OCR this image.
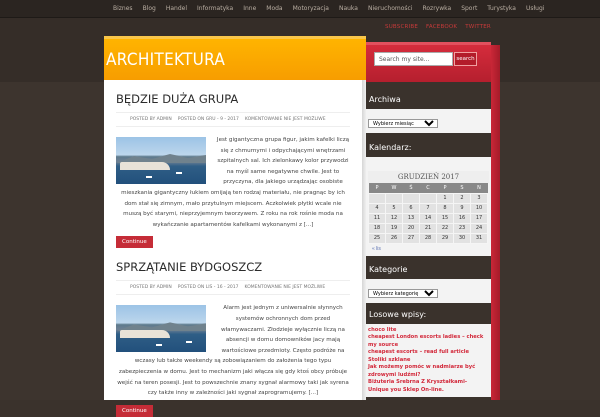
Biznes	Blog	Handel	Informatyka	Inne	Moda	Motoryzacja	Nauka	Nieruchomości	Rozrywka	Sport	Turystyka	Usługi
SUBSCRIBE FACEBOOK TWITTER
ARCHITEKTURA	Search my site...	search
BĘDZIE DUŻA GRUPA
POSTED BY ADMIN POSTED ON GRU - 9 - 2017 KOMENTOWANIE NIE JEST MOŻLIWE

Jest gigantyczna grupa figur, jakim kafelki liczą się z chmurnymi i odpychającymi wnętrzami szpitalnych sal. Ich zielonkawy kolor przywodzi na myśl same negatywne chwile. Jest to przyczyna, dla jakiego urządzając osobiste mieszkania gigantyczny łukiem omijają ten rodzaj materiału, nie pragnąc by ich dom stał się zimnym, mało przytulnym miejscem. Aczkolwiek płytki wcale nie muszą być starymi, nieprzyjemnym tworzywem. Z roku na rok rośnie moda na wykańczanie apartamentów kafelkami wykonanymi z [...]

Continue
SPRZĄTANIE BYDGOSZCZ
POSTED BY ADMIN POSTED ON LIS - 16 - 2017 KOMENTOWANIE NIE JEST MOŻLIWE

Alarm jest jednym z uniwersalnie słynnych systemów ochronnych dom przed włamywaczami. Złodzieje wyłącznie liczą na absencji w domu domowników jacy mają wartościowe przedmioty. Często podróże na wczasy lub także weekendy są zobowiązaniem do założenia tego typu zabezpieczenia w domu. Jest to mechanizm jaki włącza się gdy ktoś obcy próbuje wejść na teren posesji. Jest to powszechnie znany sygnał alarmowy taki jak syrena czy także inny w zależności jaki sygnał zaprogramujemy. [...]

Continue
Archiwa
Wybierz miesiąc
Kalendarz:
GRUDZIEŃ 2017
P	W	Ś	C	P	S	N
				1	2	3
4	5	6	7	8	9	10
11	12	13	14	15	16	17
18	19	20	21	22	23	24
25	26	27	28	29	30	31
« lis
Kategorie
Wybierz kategorię
Losowe wpisy:
choco lite
cheapest London escorts ladies – check my source
cheapest escorts – read full article
Stoliki szklane
Jak możemy pomóc w nadmiarze być zdrowymi ludźmi?
Biżuteria Srebrna Z Kryształkami- Unique you Sklep On-line.
